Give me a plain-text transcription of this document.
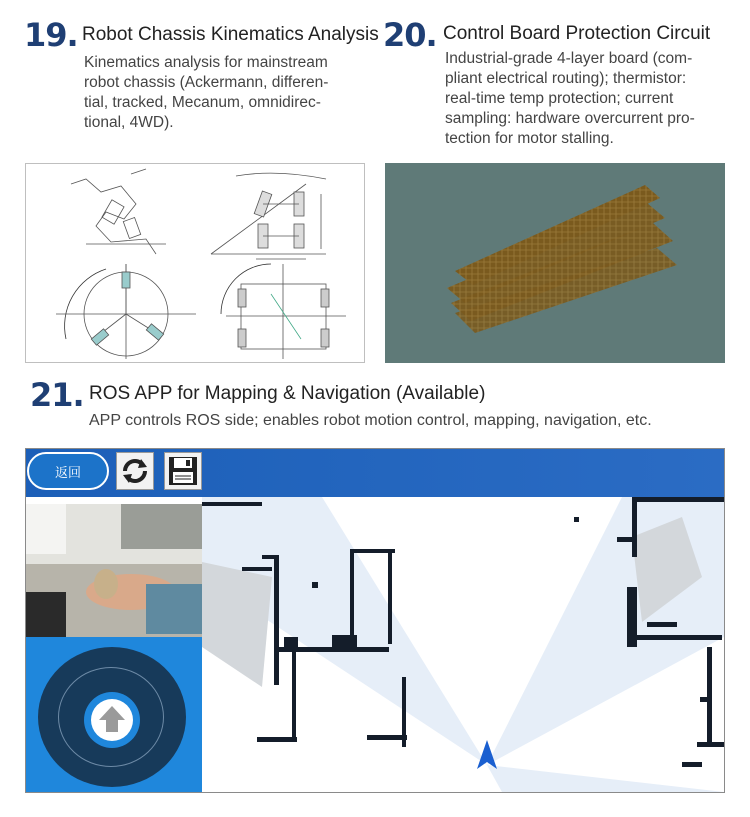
19. Robot Chassis Kinematics Analysis
Kinematics analysis for mainstream
robot chassis (Ackermann, differen-
tial, tracked, Mecanum, omnidirec-
tional, 4WD).
20. Control Board Protection Circuit
Industrial-grade 4-layer board (com-
pliant electrical routing); thermistor:
real-time temp protection; current
sampling: hardware overcurrent pro-
tection for motor stalling.
21. ROS APP for Mapping & Navigation (Available)
APP controls ROS side; enables robot motion control, mapping, navigation, etc.
返回
